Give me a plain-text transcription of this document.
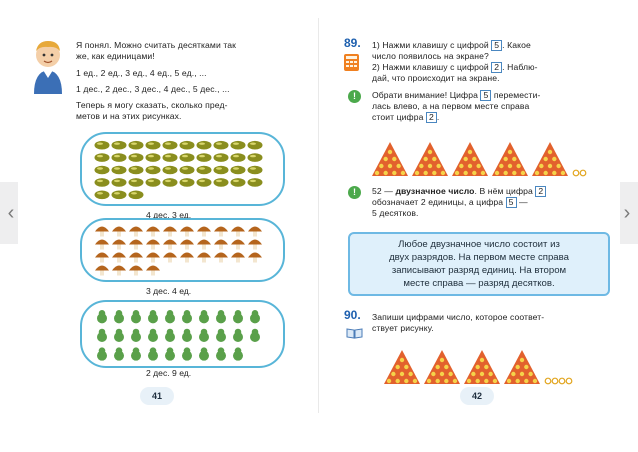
‹	›
Я понял. Можно считать десятками так
же, как единицами!
1 ед., 2 ед., 3 ед., 4 ед., 5 ед., ...
1 дес., 2 дес., 3 дес., 4 дес., 5 дес., ...
Теперь я могу сказать, сколько пред-
метов и на этих рисунках.
4 дес. 3 ед.
3 дес. 4 ед.
2 дес. 9 ед.
41
89. 1) Нажми клавишу с цифрой 5 . Какое
число появилось на экране?
2) Нажми клавишу с цифрой 2 . Наблю-
дай, что происходит на экране.
!	Обрати внимание! Цифра 5 перемести-
лась влево, а на первом месте справа
стоит цифра 2 .
!	52 — двузначное число. В нём цифра 2
обозначает 2 единицы, а цифра 5 —
5 десятков.
Любое двузначное число состоит из
двух разрядов. На первом месте справа
записывают разряд единиц. На втором
месте справа — разряд десятков.
90. Запиши цифрами число, которое соответ-
ствует рисунку.
42
